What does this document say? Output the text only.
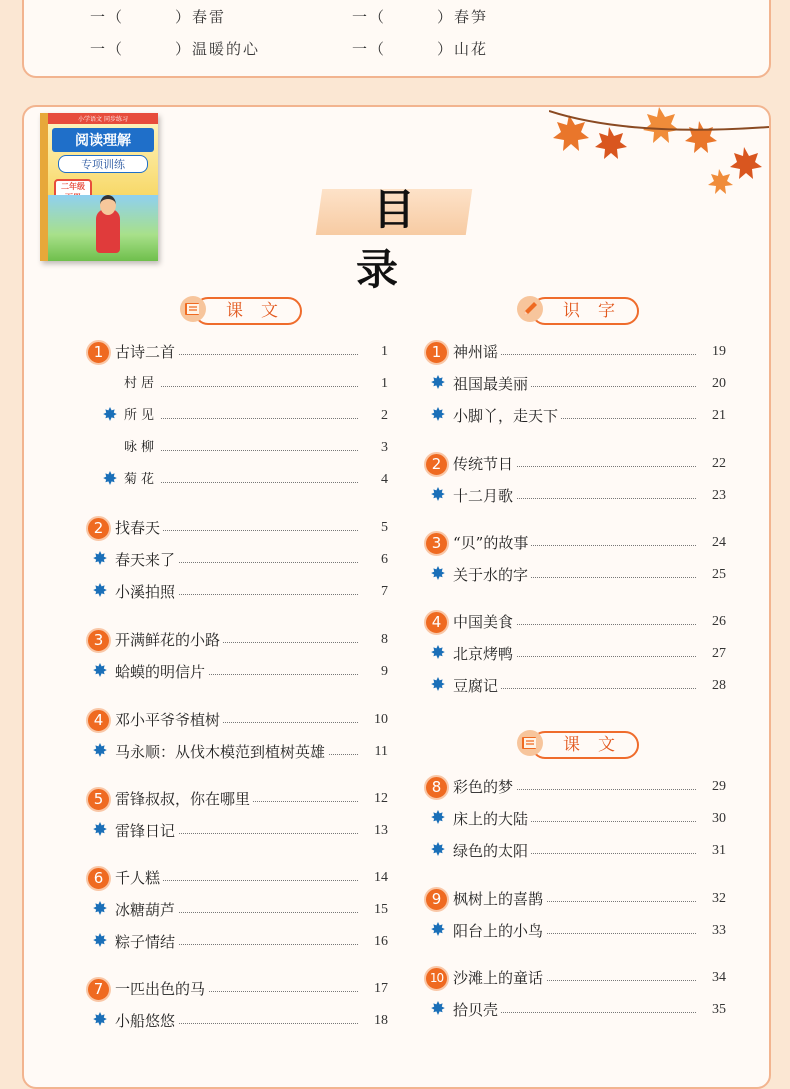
一（　　　）春雷	一（　　　）春笋
一（　　　）温暖的心	一（　　　）山花
小学语文 同步练习
阅读理解
专项训练
二年级	目录
课文
1 古诗二首	1
村居	1
所见	2
咏柳	3
菊花	4
2 找春天	5
春天来了	6
小溪拍照	7
3 开满鲜花的小路	8
蛤蟆的明信片	9
4 邓小平爷爷植树	10
马永顺：从伐木模范到植树英雄	11
5 雷锋叔叔，你在哪里	12
雷锋日记	13
6 千人糕	14
冰糖葫芦	15
粽子情结	16
7 一匹出色的马	17
小船悠悠	18
识字
1 神州谣	19
祖国最美丽	20
小脚丫，走天下	21
2 传统节日	22
十二月歌	23
3 “贝”的故事	24
关于水的字	25
4 中国美食	26
北京烤鸭	27
豆腐记	28
课文
8 彩色的梦	29
床上的大陆	30
绿色的太阳	31
9 枫树上的喜鹊	32
阳台上的小鸟	33
10 沙滩上的童话	34
拾贝壳	35
